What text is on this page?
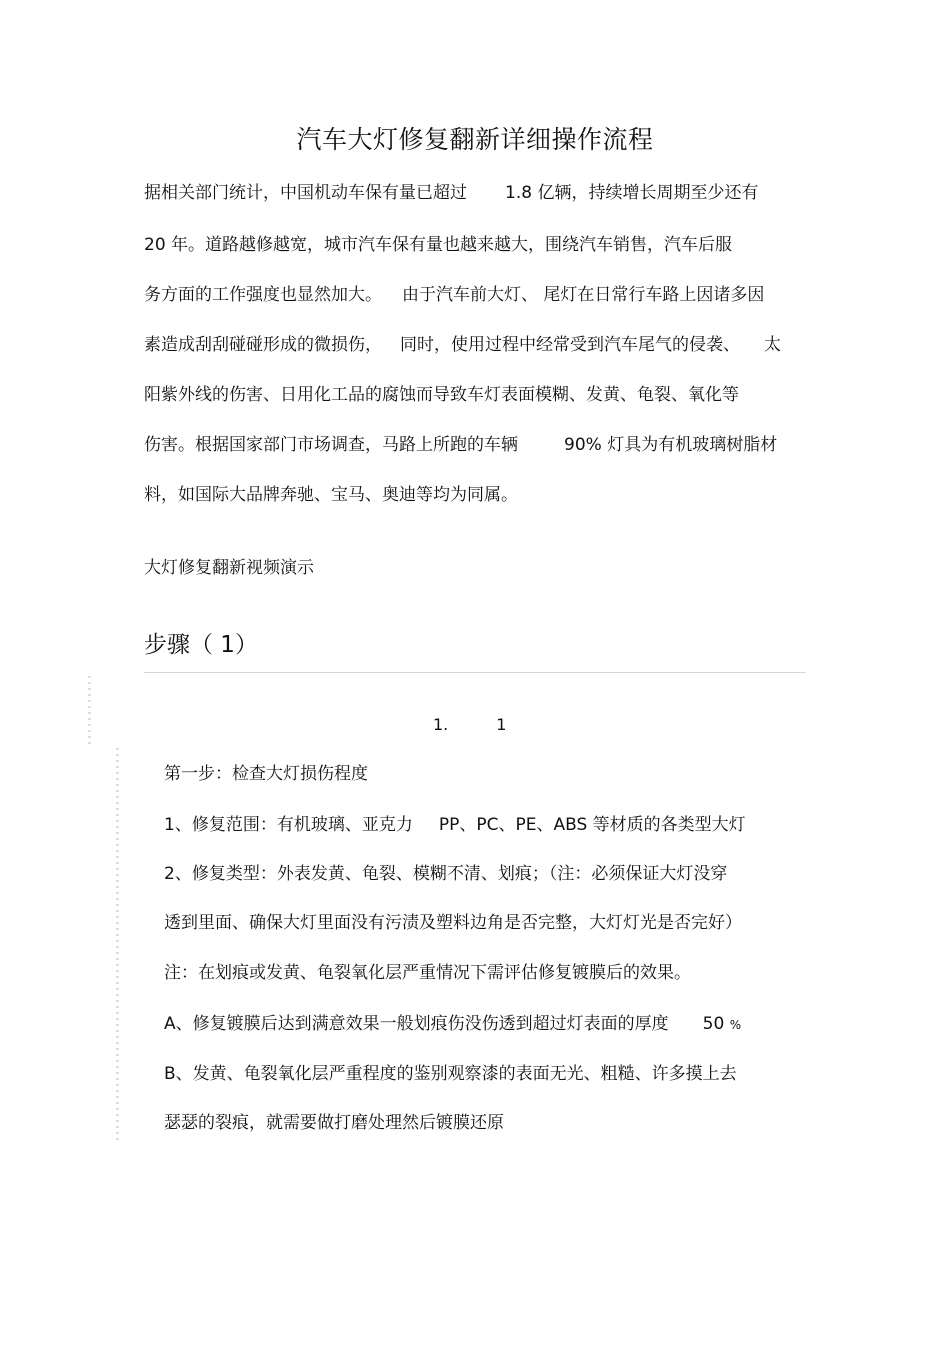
汽车大灯修复翻新详细操作流程
据相关部门统计，中国机动车保有量已超过 1.8 亿辆，持续增长周期至少还有
20 年。道路越修越宽，城市汽车保有量也越来越大，围绕汽车销售，汽车后服
务方面的工作强度也显然加大。 由于汽车前大灯、 尾灯在日常行车路上因诸多因
素造成刮刮碰碰形成的微损伤， 同时，使用过程中经常受到汽车尾气的侵袭、 太
阳紫外线的伤害、日用化工品的腐蚀而导致车灯表面模糊、发黄、龟裂、氧化等
伤害。根据国家部门市场调查，马路上所跑的车辆	90% 灯具为有机玻璃树脂材
料，如国际大品牌奔驰、宝马、奥迪等均为同属。
大灯修复翻新视频演示
步骤（ 1）
1.	1
第一步：检查大灯损伤程度
1、修复范围：有机玻璃、亚克力 PP、PC、PE、ABS 等材质的各类型大灯
2、修复类型：外表发黄、龟裂、模糊不清、划痕；（注：必须保证大灯没穿
透到里面、确保大灯里面没有污渍及塑料边角是否完整，大灯灯光是否完好）
注：在划痕或发黄、龟裂氧化层严重情况下需评估修复镀膜后的效果。
A、修复镀膜后达到满意效果一般划痕伤没伤透到超过灯表面的厚度 50 %
B、发黄、龟裂氧化层严重程度的鉴别观察漆的表面无光、粗糙、许多摸上去
瑟瑟的裂痕，就需要做打磨处理然后镀膜还原
